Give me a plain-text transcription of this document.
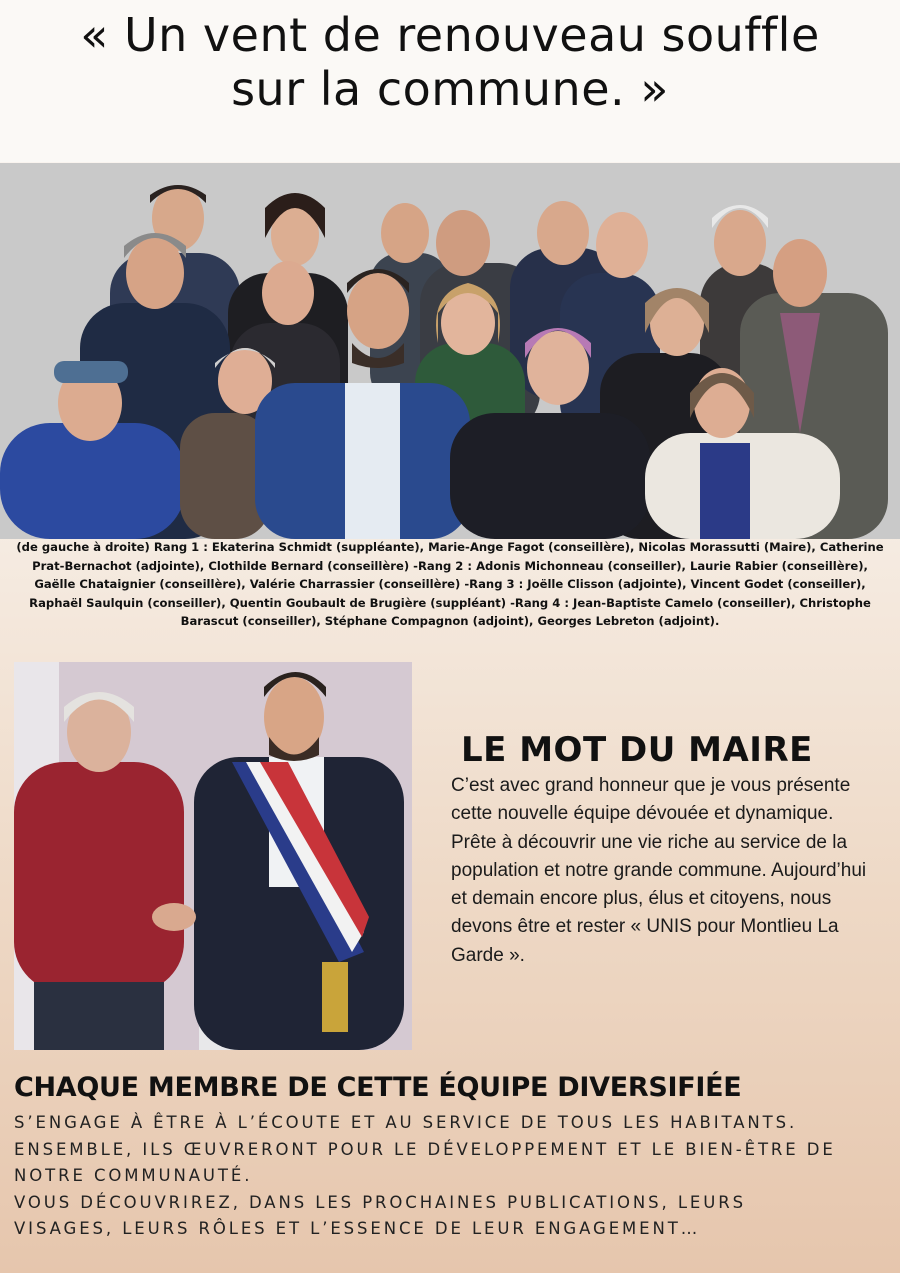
« Un vent de renouveau souffle
sur la commune. »

(de gauche à droite) Rang 1 : Ekaterina Schmidt (suppléante), Marie-Ange Fagot (conseillère), Nicolas Morassutti (Maire), Catherine Prat-Bernachot (adjointe), Clothilde Bernard (conseillère) -Rang 2 : Adonis Michonneau (conseiller), Laurie Rabier (conseillère), Gaëlle Chataignier (conseillère), Valérie Charrassier (conseillère) -Rang 3 : Joëlle Clisson (adjointe), Vincent Godet (conseiller), Raphaël Saulquin (conseiller), Quentin Goubault de Brugière (suppléant) -Rang 4 : Jean-Baptiste Camelo (conseiller), Christophe Barascut (conseiller), Stéphane Compagnon (adjoint), Georges Lebreton (adjoint).

LE MOT DU MAIRE

C’est avec grand honneur que je vous présente cette nouvelle équipe dévouée et dynamique. Prête à découvrir une vie riche au service de la population et notre grande commune. Aujourd’hui et demain encore plus, élus et citoyens, nous devons être et rester « UNIS pour Montlieu La Garde ».

CHAQUE MEMBRE DE CETTE ÉQUIPE DIVERSIFIÉE

S’ENGAGE À ÊTRE À L’ÉCOUTE ET AU SERVICE DE TOUS LES HABITANTS.
ENSEMBLE, ILS ŒUVRERONT POUR LE DÉVELOPPEMENT ET LE BIEN-ÊTRE DE
NOTRE COMMUNAUTÉ.
VOUS DÉCOUVRIREZ, DANS LES PROCHAINES PUBLICATIONS, LEURS
VISAGES, LEURS RÔLES ET L’ESSENCE DE LEUR ENGAGEMENT…
